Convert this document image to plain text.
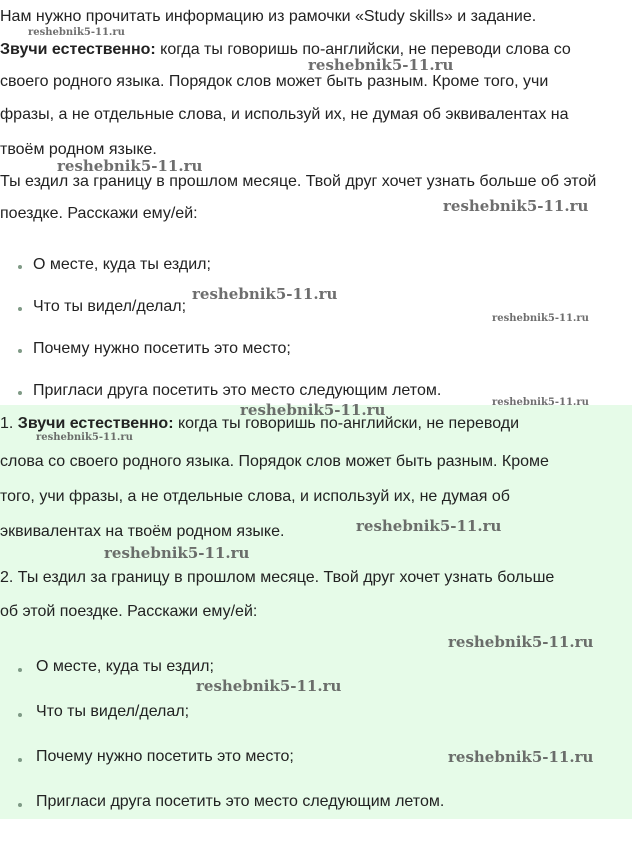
Нам нужно прочитать информацию из рамочки «Study skills» и задание.
Звучи естественно: когда ты говоришь по-английски, не переводи слова со
своего родного языка. Порядок слов может быть разным. Кроме того, учи
фразы, а не отдельные слова, и используй их, не думая об эквивалентах на
твоём родном языке.
Ты ездил за границу в прошлом месяце. Твой друг хочет узнать больше об этой
поездке. Расскажи ему/ей:
О месте, куда ты ездил;
Что ты видел/делал;
Почему нужно посетить это место;
Пригласи друга посетить это место следующим летом.
1. Звучи естественно: когда ты говоришь по-английски, не переводи
слова со своего родного языка. Порядок слов может быть разным. Кроме
того, учи фразы, а не отдельные слова, и используй их, не думая об
эквивалентах на твоём родном языке.
2. Ты ездил за границу в прошлом месяце. Твой друг хочет узнать больше
об этой поездке. Расскажи ему/ей:
О месте, куда ты ездил;
Что ты видел/делал;
Почему нужно посетить это место;
Пригласи друга посетить это место следующим летом.
reshebnik5-11.ru
reshebnik5-11.ru
reshebnik5-11.ru
reshebnik5-11.ru
reshebnik5-11.ru
reshebnik5-11.ru
reshebnik5-11.ru
reshebnik5-11.ru
reshebnik5-11.ru
reshebnik5-11.ru
reshebnik5-11.ru
reshebnik5-11.ru
reshebnik5-11.ru
reshebnik5-11.ru
